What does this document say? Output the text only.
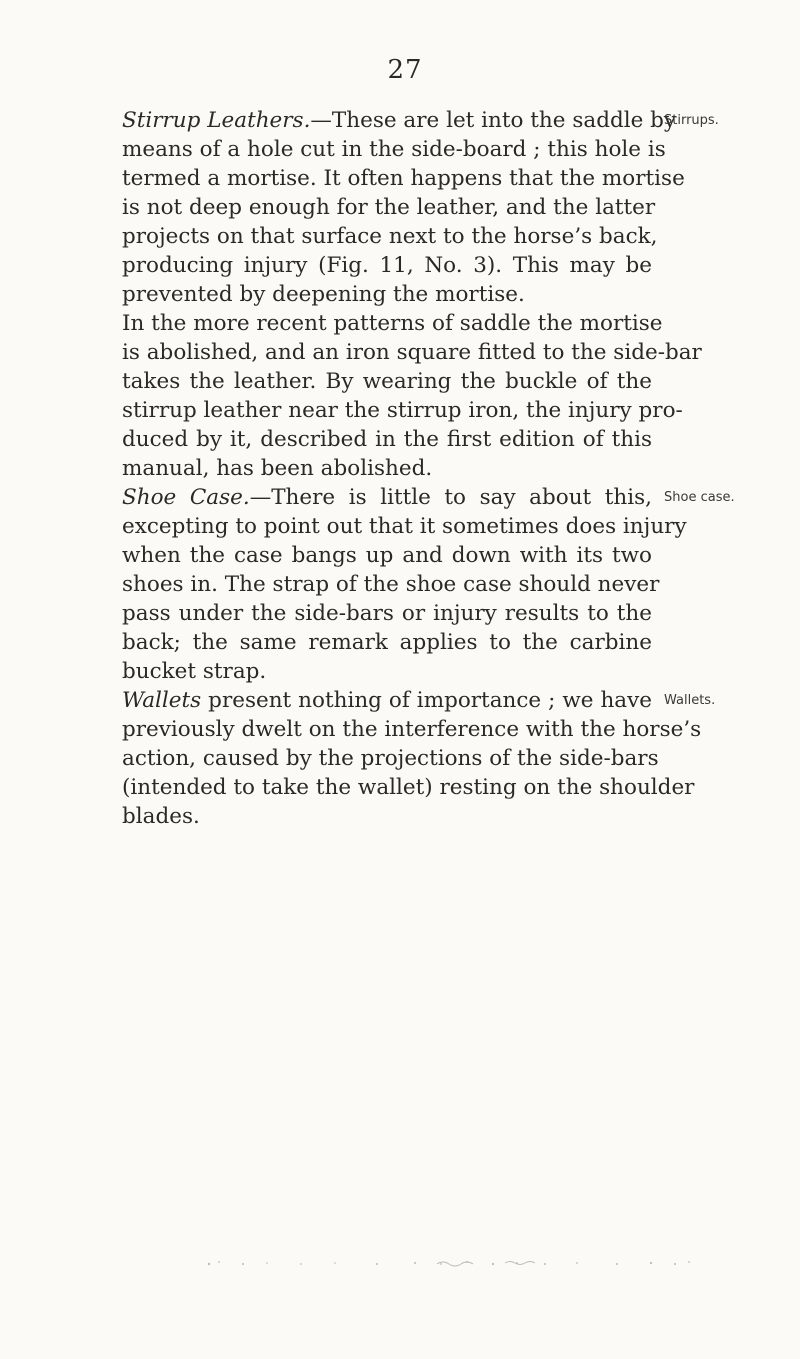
27
Stirrup Leathers.—These are let into the saddle by
means of a hole cut in the side-board ; this hole is
termed a mortise. It often happens that the mortise
is not deep enough for the leather, and the latter
projects on that surface next to the horse’s back,
producing injury (Fig. 11, No. 3). This may be
prevented by deepening the mortise.
In the more recent patterns of saddle the mortise
is abolished, and an iron square fitted to the side-bar
takes the leather. By wearing the buckle of the
stirrup leather near the stirrup iron, the injury pro-
duced by it, described in the first edition of this
manual, has been abolished.
Shoe Case.—There is little to say about this,
excepting to point out that it sometimes does injury
when the case bangs up and down with its two
shoes in. The strap of the shoe case should never
pass under the side-bars or injury results to the
back; the same remark applies to the carbine
bucket strap.
Wallets present nothing of importance ; we have
previously dwelt on the interference with the horse’s
action, caused by the projections of the side-bars
(intended to take the wallet) resting on the shoulder
blades.
Stirrups.
Shoe case.
Wallets.
